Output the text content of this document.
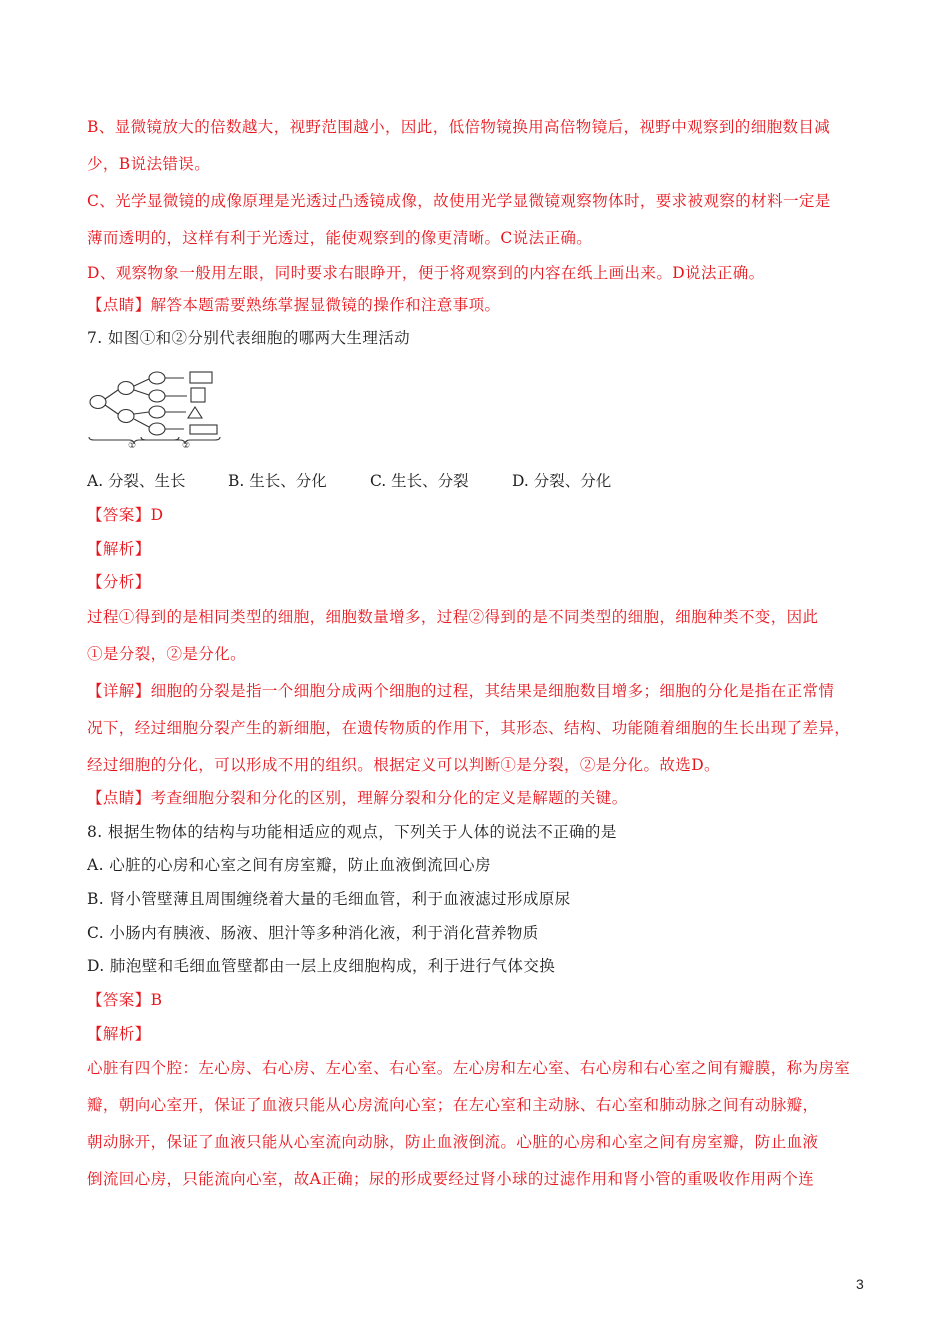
B、显微镜放大的倍数越大，视野范围越小，因此，低倍物镜换用高倍物镜后，视野中观察到的细胞数目减
少，B说法错误。
C、光学显微镜的成像原理是光透过凸透镜成像，故使用光学显微镜观察物体时，要求被观察的材料一定是
薄而透明的，这样有利于光透过，能使观察到的像更清晰。C说法正确。
D、观察物象一般用左眼，同时要求右眼睁开，便于将观察到的内容在纸上画出来。D说法正确。
【点睛】解答本题需要熟练掌握显微镜的操作和注意事项。
7. 如图①和②分别代表细胞的哪两大生理活动
①	②
A. 分裂、生长	B. 生长、分化	C. 生长、分裂	D. 分裂、分化
【答案】D
【解析】
【分析】
过程①得到的是相同类型的细胞，细胞数量增多，过程②得到的是不同类型的细胞，细胞种类不变，因此
①是分裂，②是分化。
【详解】细胞的分裂是指一个细胞分成两个细胞的过程，其结果是细胞数目增多；细胞的分化是指在正常情
况下，经过细胞分裂产生的新细胞，在遗传物质的作用下，其形态、结构、功能随着细胞的生长出现了差异，
经过细胞的分化，可以形成不用的组织。根据定义可以判断①是分裂，②是分化。故选D。
【点睛】考查细胞分裂和分化的区别，理解分裂和分化的定义是解题的关键。
8. 根据生物体的结构与功能相适应的观点，下列关于人体的说法不正确的是
A. 心脏的心房和心室之间有房室瓣，防止血液倒流回心房
B. 肾小管壁薄且周围缠绕着大量的毛细血管，利于血液滤过形成原尿
C. 小肠内有胰液、肠液、胆汁等多种消化液，利于消化营养物质
D. 肺泡壁和毛细血管壁都由一层上皮细胞构成，利于进行气体交换
【答案】B
【解析】
心脏有四个腔：左心房、右心房、左心室、右心室。左心房和左心室、右心房和右心室之间有瓣膜，称为房室
瓣，朝向心室开，保证了血液只能从心房流向心室；在左心室和主动脉、右心室和肺动脉之间有动脉瓣，
朝动脉开，保证了血液只能从心室流向动脉，防止血液倒流。心脏的心房和心室之间有房室瓣，防止血液
倒流回心房，只能流向心室，故A正确；尿的形成要经过肾小球的过滤作用和肾小管的重吸收作用两个连
3
